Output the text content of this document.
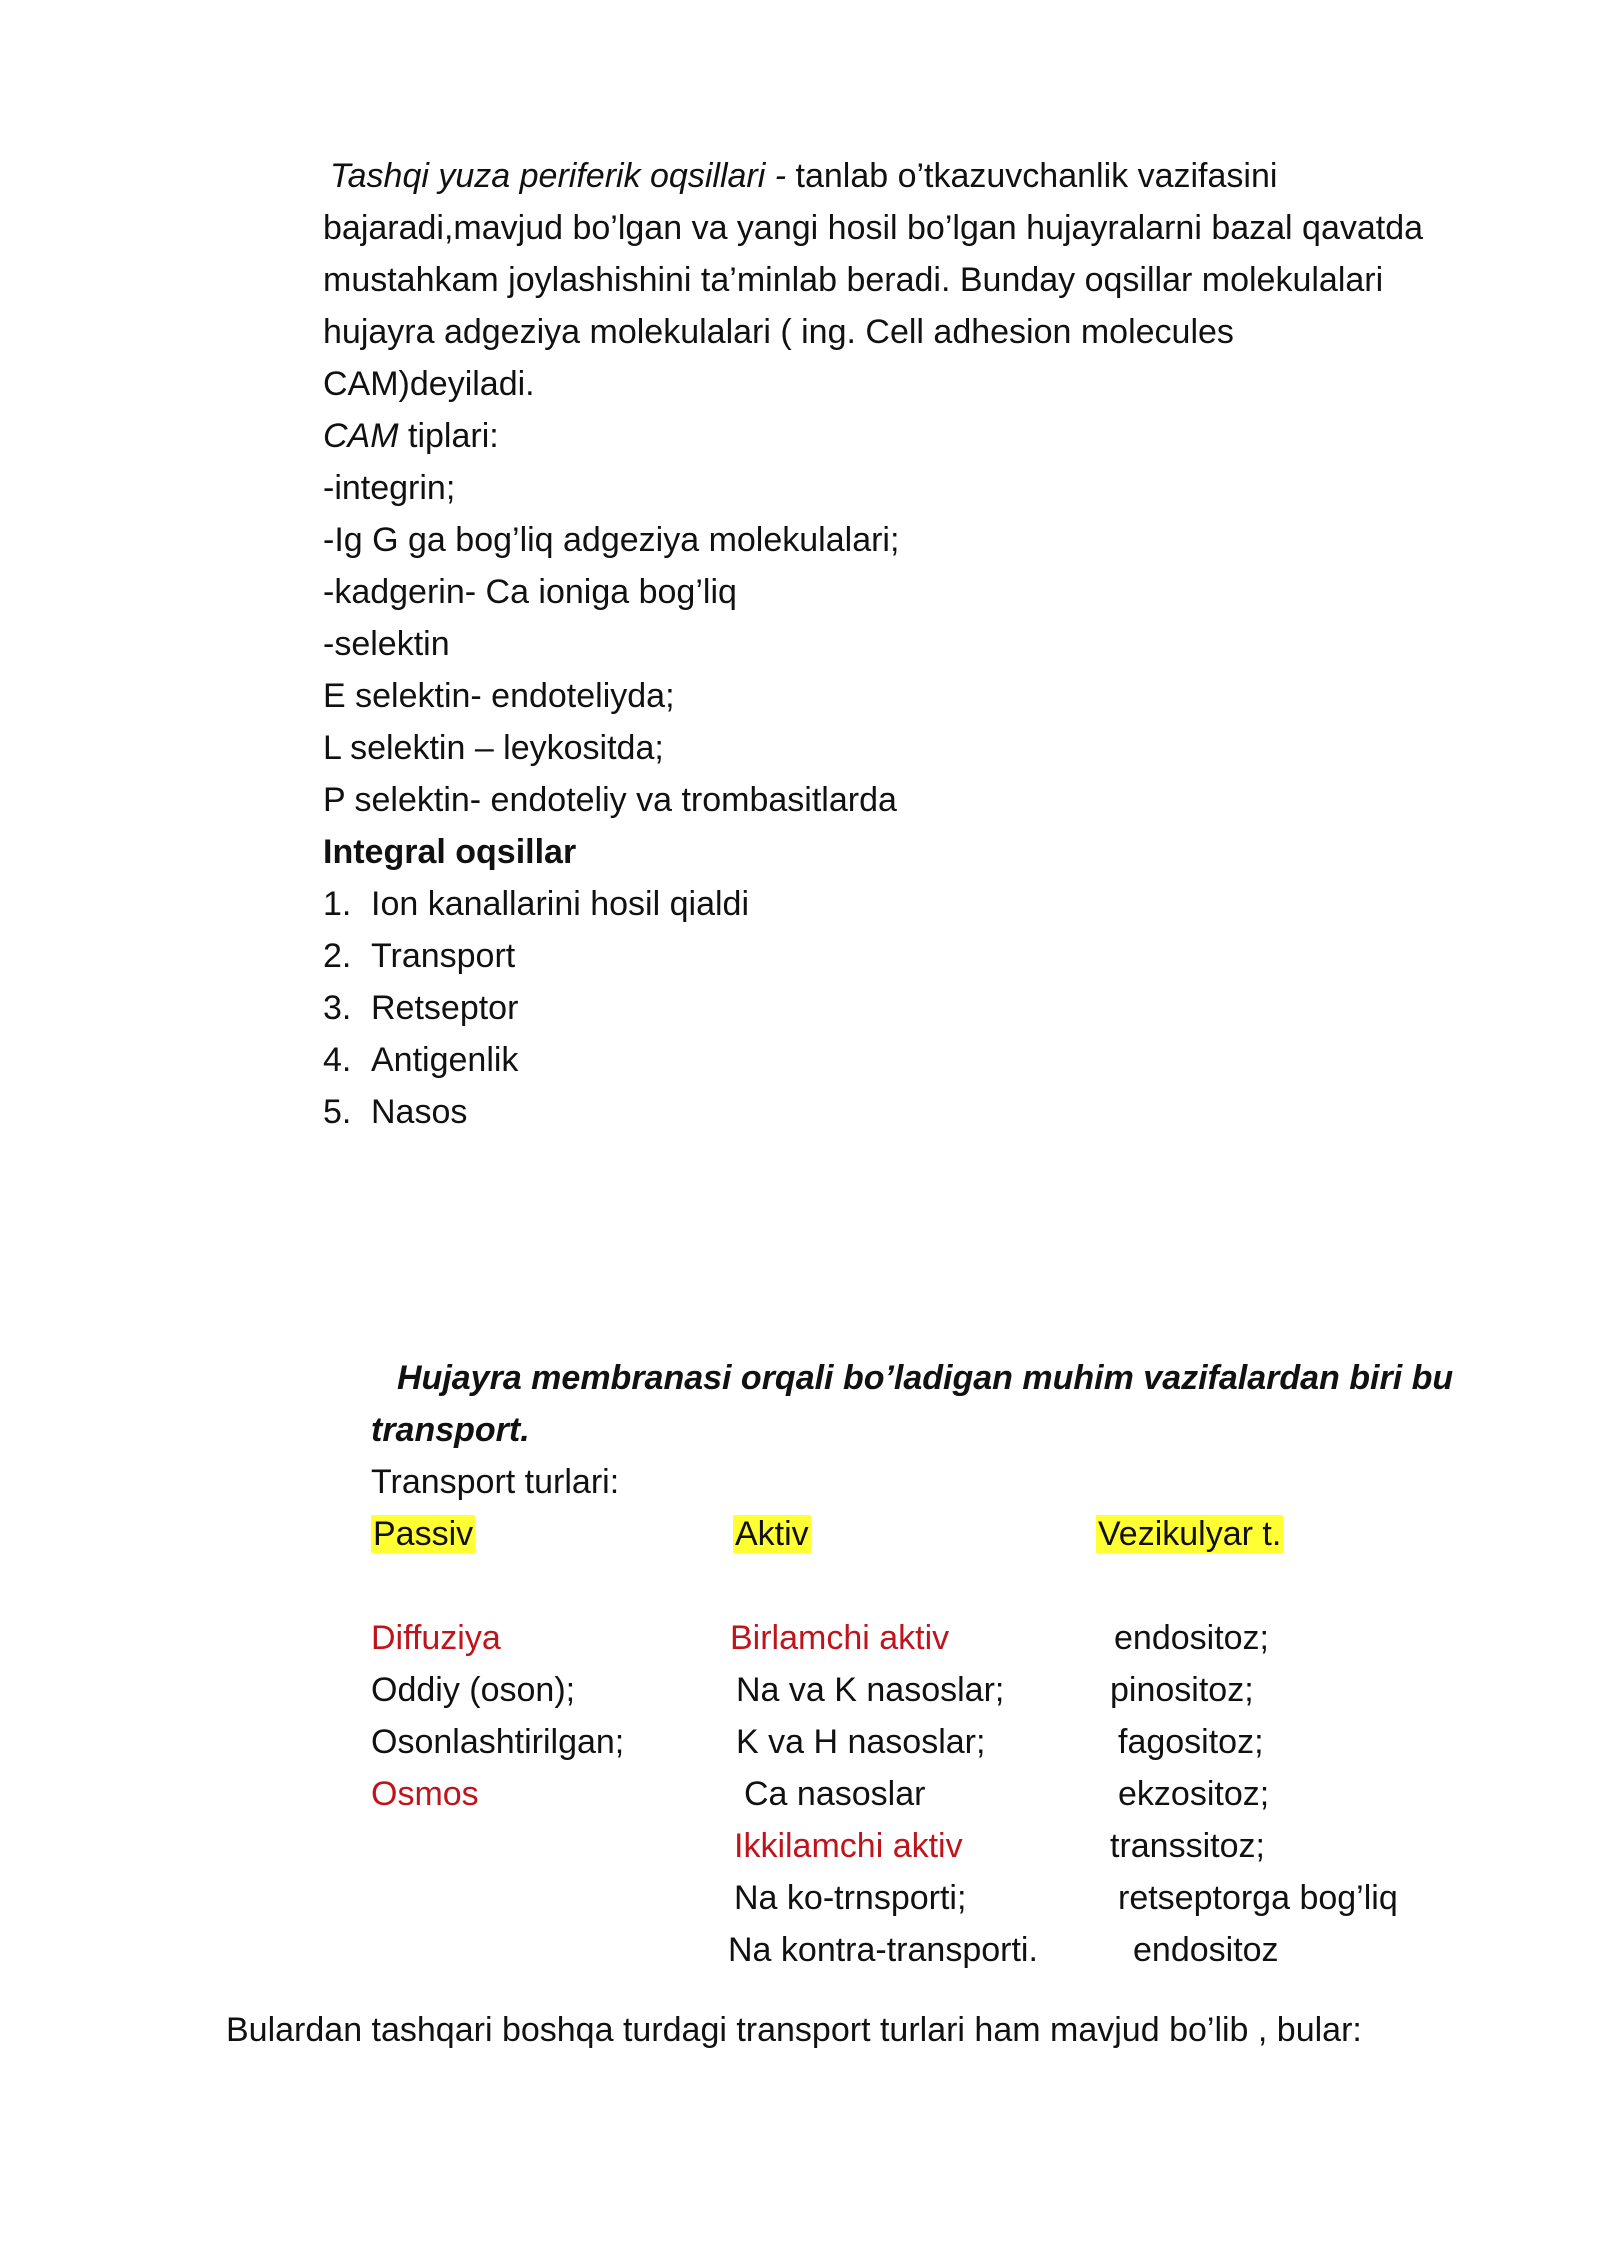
Tashqi yuza periferik oqsillari - tanlab o’tkazuvchanlik vazifasini
bajaradi,mavjud bo’lgan va yangi hosil bo’lgan hujayralarni bazal qavatda
mustahkam joylashishini ta’minlab beradi. Bunday oqsillar molekulalari
hujayra adgeziya molekulalari ( ing. Cell adhesion molecules
CAM)deyiladi.
CAM tiplari:
-integrin;
-Ig G ga bog’liq adgeziya molekulalari;
-kadgerin- Ca ioniga bog’liq
-selektin
E selektin- endoteliyda;
L selektin – leykositda;
P selektin- endoteliy va trombasitlarda
Integral oqsillar
1. Ion kanallarini hosil qialdi
2. Transport
3. Retseptor
4. Antigenlik
5. Nasos
Hujayra membranasi orqali bo’ladigan muhim vazifalardan biri bu
transport.
Transport turlari:
Passiv	Aktiv	Vezikulyar t.
Diffuziya
Oddiy (oson);
Osonlashtirilgan;
Osmos
Birlamchi aktiv
Na va K nasoslar;
K va H nasoslar;
Ca nasoslar
Ikkilamchi aktiv
Na ko-trnsporti;
Na kontra-transporti.
endositoz;
pinositoz;
fagositoz;
ekzositoz;
transsitoz;
retseptorga bog’liq
endositoz
Bulardan tashqari boshqa turdagi transport turlari ham mavjud bo’lib , bular:
